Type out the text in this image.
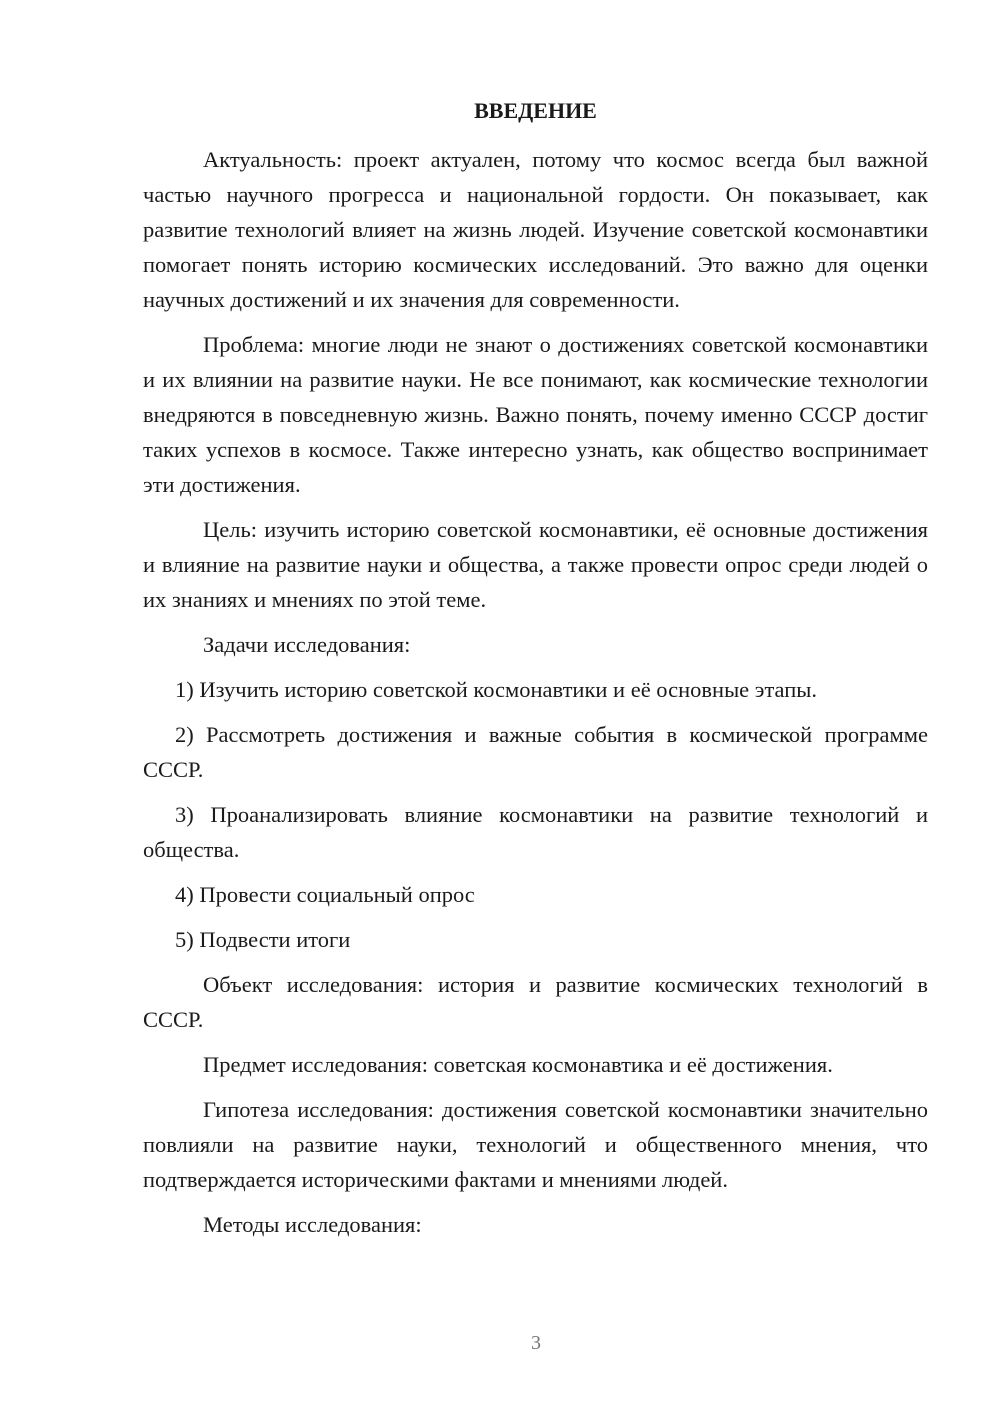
ВВЕДЕНИЕ

Актуальность: проект актуален, потому что космос всегда был важной частью научного прогресса и национальной гордости. Он показывает, как развитие технологий влияет на жизнь людей. Изучение советской космонавтики помогает понять историю космических исследований. Это важно для оценки научных достижений и их значения для современности.

Проблема: многие люди не знают о достижениях советской космонавтики и их влиянии на развитие науки. Не все понимают, как космические технологии внедряются в повседневную жизнь. Важно понять, почему именно СССР достиг таких успехов в космосе. Также интересно узнать, как общество воспринимает эти достижения.

Цель: изучить историю советской космонавтики, её основные достижения и влияние на развитие науки и общества, а также провести опрос среди людей о их знаниях и мнениях по этой теме.

Задачи исследования:

1) Изучить историю советской космонавтики и её основные этапы.

2) Рассмотреть достижения и важные события в космической программе СССР.

3) Проанализировать влияние космонавтики на развитие технологий и общества.

4) Провести социальный опрос

5) Подвести итоги

Объект исследования: история и развитие космических технологий в СССР.

Предмет исследования: советская космонавтика и её достижения.

Гипотеза исследования: достижения советской космонавтики значительно повлияли на развитие науки, технологий и общественного мнения, что подтверждается историческими фактами и мнениями людей.

Методы исследования:

3
